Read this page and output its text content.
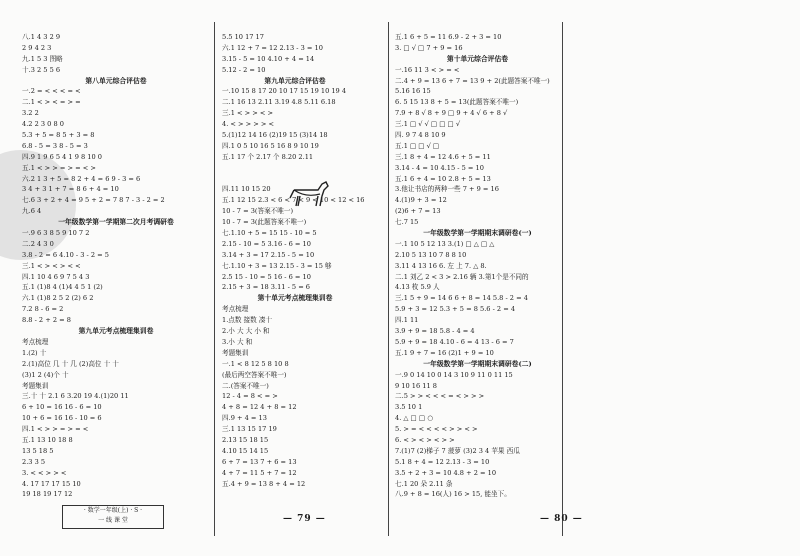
八.1 4 3 2 9
2 9 4 2 3
九.1 5 3 图略
十.3 2 5 5 6
第八单元综合评估卷
一.2 = < < < = <
二.1 < > < = > =
3.2 2
4.2 2 3 0 8 0
5.3 + 5 = 8 5 + 3 = 8
6.8 - 5 = 3 8 - 5 = 3
四.9 1 9 6 5 4 1 9 8 10 0
五.1 < > > = > = < >
六.2 1 3 + 5 = 8 2 + 4 = 6 9 - 3 = 6
3 4 + 3 1 + 7 = 8 6 + 4 = 10
七.6 3 + 2 + 4 = 9 5 + 2 = 7 8 7 - 3 - 2 = 2
九.6 4
一年级数学第一学期第二次月考调研卷
一.9 6 3 8 5 9 10 7 2
二.2 4 3 0
3.8 - 2 = 6 4.10 - 3 - 2 = 5
三.1 < > < > < <
四.1 10 4 6 9 7 5 4 3
五.1 (1)8 4 (1)4 4 5 1 (2)
六.1 (1)8 2 5 2 (2) 6 2
7.2 8 - 6 = 2
8.8 - 2 + 2 = 8
第九单元考点梳理集训卷
考点梳理
1.(2) 十
2.(1)高位 几 十 几 (2)高位 十 十
(3)1 2 (4)个 十
考题集训
三.十 十 2.1 6 3.20 19 4.(1)20 11
6 + 10 = 16 16 - 6 = 10
10 + 6 = 16 16 - 10 = 6
四.1 < > > = > = <
五.1 13 10 18 8
13 5 18 5
2.3 3 5
3. < < > > <
4. 17 17 17 15 10
19 18 19 17 12
5.5 10 17 17
六.1 12 + 7 = 12 2.13 - 3 = 10
3.15 - 5 = 10 4.10 + 4 = 14
5.12 - 2 = 10
第九单元综合评估卷
一.10 15 8 17 20 10 17 15 19 10 19 4
二.1 16 13 2.11 3.19 4.8 5.11 6.18
三.1 < > > < >
4. < > > > > <
5.(1)12 14 16 (2)19 15 (3)14 18
四.1 0 5 10 16 5 16 8 9 10 19
五.1 17 个 2.17 个 8.20 2.11
四.11 10 15 20
五.1 12 15 2.3 < 6 < 7 < 9 < 10 < 12 < 16
10 - 7 = 3(答案不唯一)
10 - 7 = 3(此题答案不唯一)
七.1.10 + 5 = 15 15 - 10 = 5
2.15 - 10 = 5 3.16 - 6 = 10
3.14 + 3 = 17 2.15 - 5 = 10
七.1.10 + 3 = 13 2.15 - 3 = 15 够
2.5 15 - 10 = 5 16 - 6 = 10
2.15 + 3 = 18 3.11 - 5 = 6
第十单元考点梳理集训卷
考点梳理
1.点数 接数 凑十
2.小 大 大 小 和
3.小 大 和
考题集训
一.1 < 8 12 5 8 10 8
(最后两空答案不唯一)
二.(答案不唯一)
12 - 4 = 8 < = >
4 + 8 = 12 4 + 8 = 12
四.9 + 4 = 13
三.1 13 15 17 19
2.13 15 18 15
4.10 15 14 15
6 + 7 = 13 7 + 6 = 13
4 + 7 = 11 5 + 7 = 12
五.4 + 9 = 13 8 + 4 = 12
五.1 6 + 5 = 11 6.9 - 2 + 3 = 10
3. □ √ □ 7 + 9 = 16
第十单元综合评估卷
一.16 11 3 < > = <
二.4 + 9 = 13 6 + 7 = 13 9 + 2(此题答案不唯一)
5.16 16 15
6. 5 15 13 8 + 5 = 13(此题答案不唯一)
7.9 + 8 √ 8 + 9 □ 9 + 4 √ 6 + 8 √
三.1 □ √ √ □ □ □ √
四. 9 7 4 8 10 9
五.1 □ □ √ □
三.1 8 + 4 = 12 4.6 + 5 = 11
3.14 - 4 = 10 4.15 - 5 = 10
五.1 6 + 4 = 10 2.8 + 5 = 13
3.他让书店的两种一些 7 + 9 = 16
4.(1)9 + 3 = 12
(2)6 + 7 = 13
七.7 15
一年级数学第一学期期末调研卷(一)
一.1 10 5 12 13 3.(1) □ △ □ △
2.10 5 13 10 7 8 8 10
3.11 4 13 16 6. 左 上 7. △ 8.
二.1 刘乙 2 < 3 > 2.16 辆 3.第1个是不同的
4.13 枚 5.9 人
三.1 5 + 9 = 14 6 6 + 8 = 14 5.8 - 2 = 4
5.9 + 3 = 12 5.3 + 5 = 8 5.6 - 2 = 4
四.1 11
3.9 + 9 = 18 5.8 - 4 = 4
5.9 + 9 = 18 4.10 - 6 = 4 13 - 6 = 7
五.1 9 + 7 = 16 (2)1 + 9 = 10
一年级数学第一学期期末调研卷(二)
一.9 0 14 10 0 14 3 10 9 11 0 11 15
9 10 16 11 8
二.5 > > < < < = < > > >
3.5 10 1
4. △ □ □ ○
5. > = < < < < > > < >
6. < > < > < > >
7.(1)7 (2)梯子 7 菠萝 (3)2 3 4 苹果 西瓜
5.1 8 + 4 = 12 2.13 - 3 = 10
3.5 + 2 + 3 = 10 4.8 + 2 = 10
七.1 20 朵 2.11 条
八.9 + 8 = 16(人) 16 > 15, 能坐下。
· 数学一年级(上) · S ·
一 线 课 堂	— 79 —	— 80 —
